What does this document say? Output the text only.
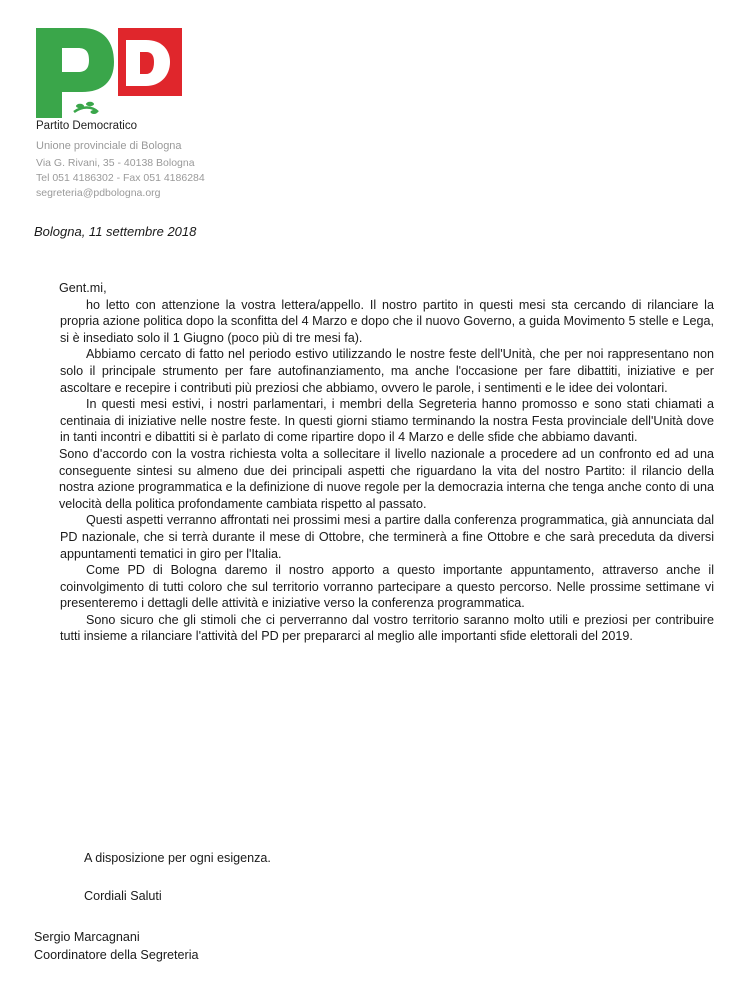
Partito Democratico
Unione provinciale di Bologna
Via G. Rivani, 35 - 40138 Bologna
Tel 051 4186302 - Fax 051 4186284
segreteria@pdbologna.org
Bologna, 11 settembre 2018

Gent.mi,

ho letto con attenzione la vostra lettera/appello. Il nostro partito in questi mesi sta cercando di rilanciare la propria azione politica dopo la sconfitta del 4 Marzo e dopo che il nuovo Governo, a guida Movimento 5 stelle e Lega, si è insediato solo il 1 Giugno (poco più di tre mesi fa).

Abbiamo cercato di fatto nel periodo estivo utilizzando le nostre feste dell'Unità, che per noi rappresentano non solo il principale strumento per fare autofinanziamento, ma anche l'occasione per fare dibattiti, iniziative e per ascoltare e recepire i contributi più preziosi che abbiamo, ovvero le parole, i sentimenti e le idee dei volontari.

In questi mesi estivi, i nostri parlamentari, i membri della Segreteria hanno promosso e sono stati chiamati a centinaia di iniziative nelle nostre feste. In questi giorni stiamo terminando la nostra Festa provinciale dell'Unità dove in tanti incontri e dibattiti si è parlato di come ripartire dopo il 4 Marzo e delle sfide che abbiamo davanti.

Sono d'accordo con la vostra richiesta volta a sollecitare il livello nazionale a procedere ad un confronto ed ad una conseguente sintesi su almeno due dei principali aspetti che riguardano la vita del nostro Partito: il rilancio della nostra azione programmatica e la definizione di nuove regole per la democrazia interna che tenga anche conto di una velocità della politica profondamente cambiata rispetto al passato.

Questi aspetti verranno affrontati nei prossimi mesi a partire dalla conferenza programmatica, già annunciata dal PD nazionale, che si terrà durante il mese di Ottobre, che terminerà a fine Ottobre e che sarà preceduta da diversi appuntamenti tematici in giro per l'Italia.

Come PD di Bologna daremo il nostro apporto a questo importante appuntamento, attraverso anche il coinvolgimento di tutti coloro che sul territorio vorranno partecipare a questo percorso. Nelle prossime settimane vi presenteremo i dettagli delle attività e iniziative verso la conferenza programmatica.

Sono sicuro che gli stimoli che ci perverranno dal vostro territorio saranno molto utili e preziosi per contribuire tutti insieme a rilanciare l'attività del PD per prepararci al meglio alle importanti sfide elettorali del 2019.

A disposizione per ogni esigenza.
Cordiali Saluti
Sergio Marcagnani
Coordinatore della Segreteria
